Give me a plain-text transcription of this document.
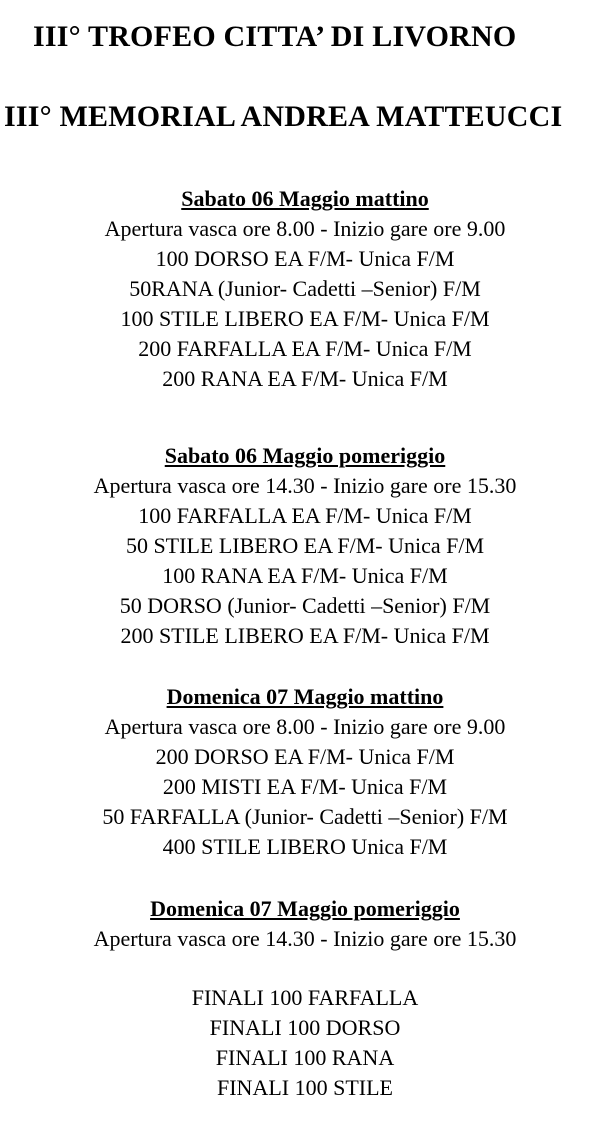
III° TROFEO CITTA’ DI LIVORNO
III° MEMORIAL ANDREA MATTEUCCI
Sabato 06 Maggio mattino
Apertura vasca ore 8.00 - Inizio gare ore 9.00
100 DORSO EA F/M- Unica F/M
50RANA (Junior- Cadetti –Senior) F/M
100 STILE LIBERO EA F/M- Unica F/M
200 FARFALLA EA F/M- Unica F/M
200 RANA EA F/M- Unica F/M
Sabato 06 Maggio pomeriggio
Apertura vasca ore 14.30 - Inizio gare ore 15.30
100 FARFALLA EA F/M- Unica F/M
50 STILE LIBERO EA F/M- Unica F/M
100 RANA EA F/M- Unica F/M
50 DORSO (Junior- Cadetti –Senior) F/M
200 STILE LIBERO EA F/M- Unica F/M
Domenica 07 Maggio mattino
Apertura vasca ore 8.00 - Inizio gare ore 9.00
200 DORSO EA F/M- Unica F/M
200 MISTI EA F/M- Unica F/M
50 FARFALLA (Junior- Cadetti –Senior) F/M
400 STILE LIBERO Unica F/M
Domenica 07 Maggio pomeriggio
Apertura vasca ore 14.30 - Inizio gare ore 15.30
FINALI 100 FARFALLA
FINALI 100 DORSO
FINALI 100 RANA
FINALI 100 STILE
